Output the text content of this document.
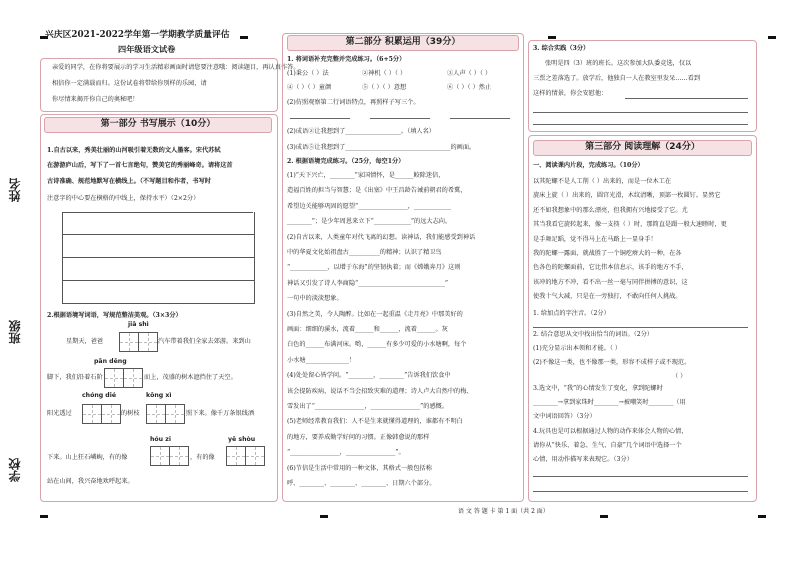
姓名
班级
学校
兴庆区2021-2022学年第一学期教学质量评估
四年级语文试卷
亲爱的同学，在你将要展示的学习生活精彩画面时请您要注意哦：阅读题目，再认真作答。
相信你一定满载而归。这份试卷将带给你别样的乐园，请
你尽情来揭开你自己的奥秘吧！
第一部分 书写展示（10分）
1.自古以来，秀美壮丽的山河吸引着无数的文人墨客。宋代苏轼
在游游庐山后，写下了一首七言绝句，赞美它的秀丽峰奇。请将这首
古诗准确、规范地默写在横线上。（不写题目和作者，书写时
注意字的中心要在横格的中线上，保持水平）（2×2分）
2.根据语境写词语，写规范整洁美观。（3×3分）
jiā shì
星期天，爸爸	汽车带着我们全家去郊游。来到山
pān dēng
脚下，我们沿着石阶	而上，茂盛的树木遮挡住了天空。
chóng dié	kōng xì
阳光透过	的树枝	照下来。像千万条银线洒
hóu zi	yě shòu
下来。山上狂石嶙峋，有的像	，有的像
站在山间，我兴奋地欢呼起来。
第二部分 积累运用（39分）
1. 将词语补充完整并完成练习。（6+5分）
(1)秉公（ ）法	②神机（ ）（ ）	③人声（ ）（ ）
④（ ）（ ）童颜	⑤（ ）（ ）意想	⑥（ ）（ ）然止
(2)仿照观察第二行词语特点，再照样子写三个。
(2)成语②让我想到了__________________。（填人名）
(3)成语⑤让我想到了__________________________________的画面。
2. 根据语境完成练习。（25分，每空1分）
(1)“天下兴亡，________”家国情怀，是______鲛除迷信，
造福百姓的担当与智慧；是《出塞》中王昌龄告诫前朝君的希冀，
希望边关能够巩固的愿望“________________，____________
________”；是少年周恩来立下“____________”的远大志向。
(2)自古以来，人类童年对代飞离的幻想。读神话，我们能感受到神话
中的华夏文化始祖盘古__________的精神；认识了精卫鸟
“____________，以增于东海”的坚韧执着；而《嫦娥奔月》这则
神话又引发了诗人李商隐“____________________________”
一句中的淡淡想象。
(3)自然之美，令人陶醉。比如在一起重温《走月亮》中那美好的
画面：细细的溪水，流着______和______，流着______。灰
白色的______布满河床。哟，______有多少可爱的小水塘啊，每个
小水塘______________！
(4)处处留心皆学问。“________，________”告诉我们饮食中
该会提防疾病，说话不当会招致灾难的道理；诗人卢大自然中的梅、
雪发出了“________________，________________”的感慨。
(5)老师经常教育我们：人不是生来就懂得道理的，谁都有不明白
的地方，要养成勤学好问的习惯。正像韩愈说的那样
“________________，________________”。
(6)节信是生活中常用的一种文体，其格式一般包括称
呼、________、________、________、日期六个部分。
3. 综合实践（3分）
张明是四（3）班的班长。这次参加大队委竞选，仅以
三票之差落选了。放学后，他独自一人在教室里发呆……看到
这样的情景，你会安慰他：
第三部分 阅读理解（24分）
一、阅读课内片段，完成练习。（10分）
以其陀螺不是人工削（ ）出来的，而是一位木工在
旋床上旋（ ）出来的，圆宫光滑，木纹清晰，顶部一枚圆钉。显然它
还不如我想象中的那么漂亮，但我拥有兴地接受了它。尤
其当我看它旋转起来，像一支筷（ ）时，那简直是蹑一般大速睦时，更
是手舞足蹈，觉不得马上在马路上一显身手！
我的陀螺一露面，就战胜了一个铜疙瘩大的一种，在各
色各色的陀螺面前，它比伟本信息示，该手的地方不手，
该冲的地方不冲，看不出一丝一毫与同伴拼搏的意识，这
使我十气大减，只是在一旁独打，不敢向任何人挑战。
1. 给加点的字注音。（2分）
2. 结合意思从文中找出恰当的词语。（2分）
(1)充分显示出本领和才能。（ ）
(2)不像这一类，也不像那一类，形容不成样子或不现范。
（ ）
3.选文中，“我”的心情发生了变化，拿到陀螺时
________→拿到家珠时________→被嘲笑时________（用
文中词语回答）（3分）
4.玩具也是可以根据通过人物的动作来体会人物的心情，
请你从“快乐、着急、生气、自豪”几个词语中选择一个
心情，用动作描写来表现它。（3分）
语 文 答 题 卡 第 1 面（共 2 面）
